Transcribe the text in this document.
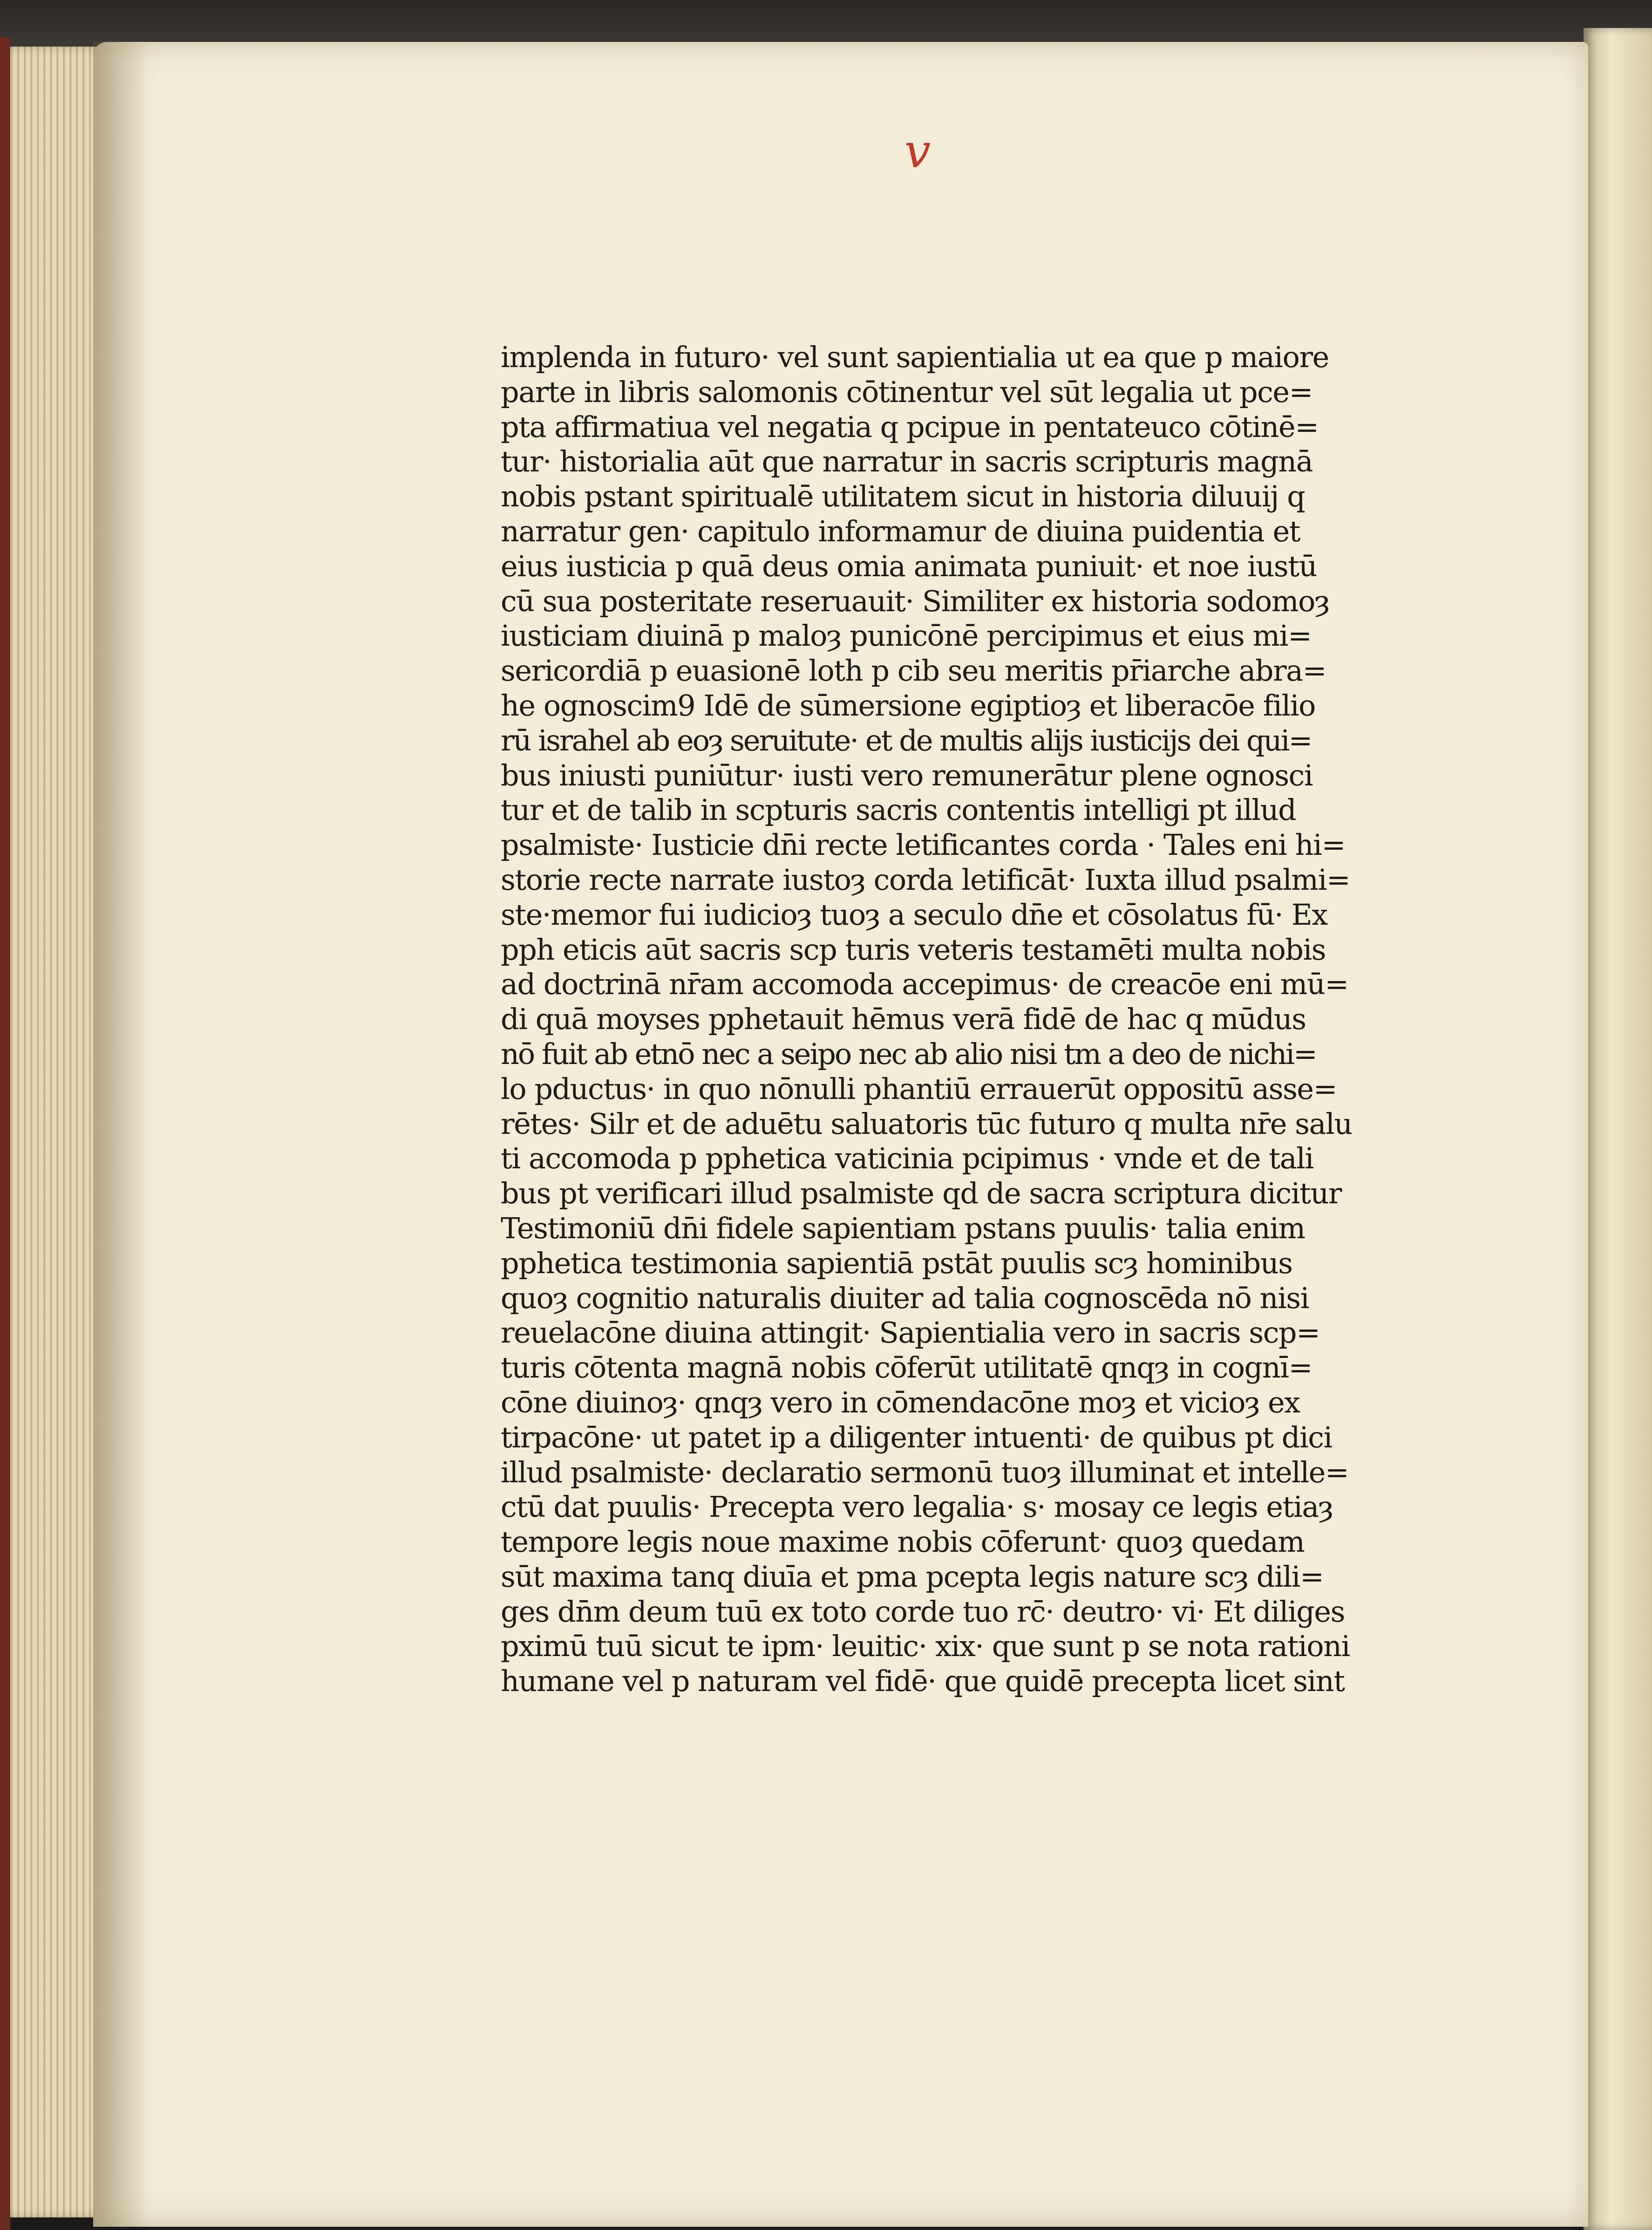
v
implenda in futuro· vel sunt sapientialia ut ea que p maiore
parte in libris salomonis cōtinentur vel sūt legalia ut pce=
pta affirmatiua vel negatia q pcipue in pentateuco cōtinē=
tur· historialia aūt que narratur in sacris scripturis magnā
nobis pstant spiritualē utilitatem sicut in historia diluuij q
narratur gen· capitulo informamur de diuina puidentia et
eius iusticia p quā deus omia animata puniuit· et noe iustū
cū sua posteritate reseruauit· Similiter ex historia sodomoȝ
iusticiam diuinā p maloȝ punicōnē percipimus et eius mi=
sericordiā p euasionē loth p cib seu meritis pr̄iarche abra=
he ognoscim9 Idē de sūmersione egiptioȝ et liberacōe filio
rū israhel ab eoȝ seruitute· et de multis alijs iusticijs dei qui=
bus iniusti puniūtur· iusti vero remunerātur plene ognosci
tur et de talib in scpturis sacris contentis intelligi pt illud
psalmiste· Iusticie dn̄i recte letificantes corda · Tales eni hi=
storie recte narrate iustoȝ corda letificāt· Iuxta illud psalmi=
ste·memor fui iudicioȝ tuoȝ a seculo dn̄e et cōsolatus fū· Ex
pph eticis aūt sacris scp turis veteris testamēti multa nobis
ad doctrinā nr̄am accomoda accepimus· de creacōe eni mū=
di quā moyses pphetauit hēmus verā fidē de hac q mūdus
nō fuit ab etnō nec a seipo nec ab alio nisi tm a deo de nichi=
lo pductus· in quo nōnulli phantiū errauerūt oppositū asse=
rētes· Silr et de aduētu saluatoris tūc futuro q multa nr̄e salu
ti accomoda p pphetica vaticinia pcipimus · vnde et de tali
bus pt verificari illud psalmiste qd de sacra scriptura dicitur
Testimoniū dn̄i fidele sapientiam pstans puulis· talia enim
pphetica testimonia sapientiā pstāt puulis scȝ hominibus
quoȝ cognitio naturalis diuiter ad talia cognoscēda nō nisi
reuelacōne diuina attingit· Sapientialia vero in sacris scp=
turis cōtenta magnā nobis cōferūt utilitatē qnqȝ in cognī=
cōne diuinoȝ· qnqȝ vero in cōmendacōne moȝ et vicioȝ ex
tirpacōne· ut patet ip a diligenter intuenti· de quibus pt dici
illud psalmiste· declaratio sermonū tuoȝ illuminat et intelle=
ctū dat puulis· Precepta vero legalia· s· mosay ce legis etiaȝ
tempore legis noue maxime nobis cōferunt· quoȝ quedam
sūt maxima tanq diuīa et pma pcepta legis nature scȝ dili=
ges dn̄m deum tuū ex toto corde tuo rc̄· deutro· vi· Et diliges
pximū tuū sicut te ipm· leuitic· xix· que sunt p se nota rationi
humane vel p naturam vel fidē· que quidē precepta licet sint
